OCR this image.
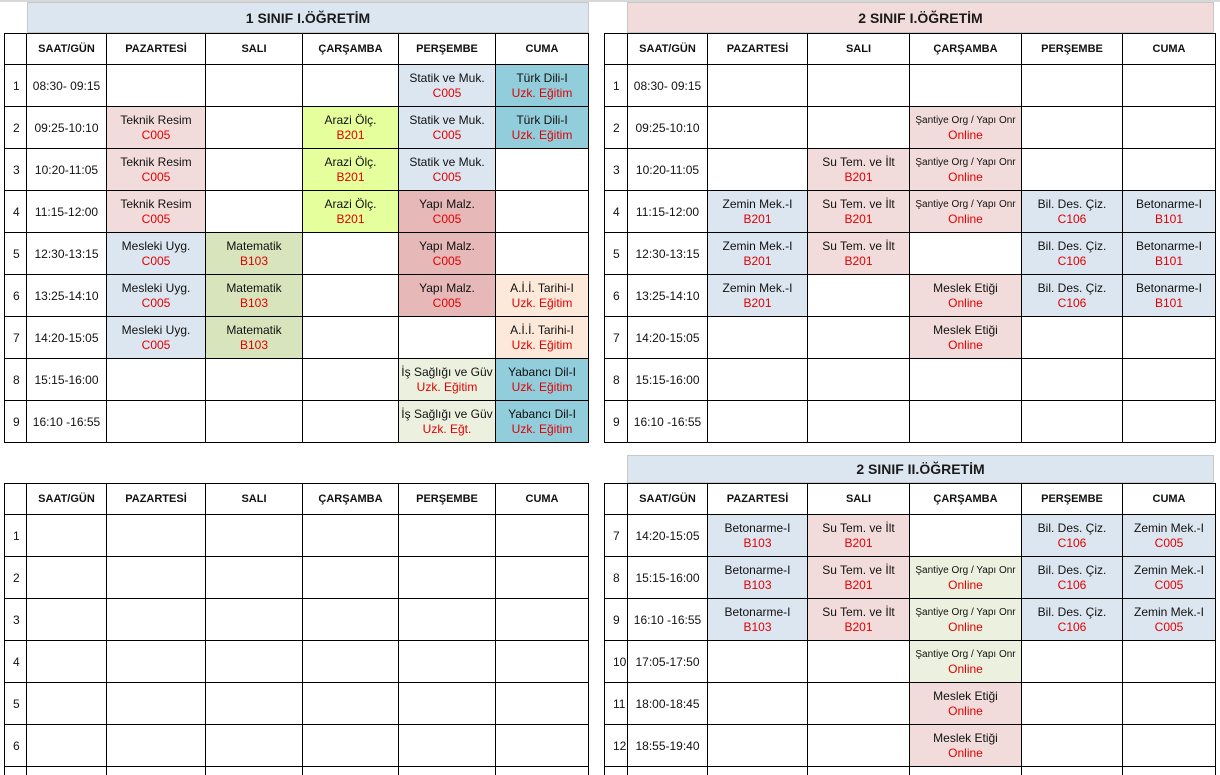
1 SINIF I.ÖĞRETİM	2 SINIF I.ÖĞRETİM
2 SINIF II.ÖĞRETİM
	SAAT/GÜN	PAZARTESİ	SALI	ÇARŞAMBA	PERŞEMBE	CUMA
1	08:30- 09:15				Statik ve Muk.
C005	Türk Dili-I
Uzk. Eğitim

2	09:25-10:10	Teknik Resim
C005		Arazi Ölç.
B201	Statik ve Muk.
C005	Türk Dili-I
Uzk. Eğitim

3	10:20-11:05	Teknik Resim
C005		Arazi Ölç.
B201	Statik ve Muk.
C005	

4	11:15-12:00	Teknik Resim
C005		Arazi Ölç.
B201	Yapı Malz.
C005	

5	12:30-13:15	Mesleki Uyg.
C005	Matematik
B103		Yapı Malz.
C005	

6	13:25-14:10	Mesleki Uyg.
C005	Matematik
B103		Yapı Malz.
C005	A.İ.İ. Tarihi-I
Uzk. Eğitim

7	14:20-15:05	Mesleki Uyg.
C005	Matematik
B103			A.İ.İ. Tarihi-I
Uzk. Eğitim

8	15:15-16:00				İş Sağlığı ve Güv
Uzk. Eğitim	Yabancı Dil-I
Uzk. Eğitim

9	16:10 -16:55				İş Sağlığı ve Güv
Uzk. Eğt.	Yabancı Dil-I
Uzk. Eğitim
	SAAT/GÜN	PAZARTESİ	SALI	ÇARŞAMBA	PERŞEMBE	CUMA
1	08:30- 09:15					
2	09:25-10:10			Şantiye Org / Yapı Onr
Online		

3	10:20-11:05		Su Tem. ve İlt
B201	Şantiye Org / Yapı Onr
Online		

4	11:15-12:00	Zemin Mek.-I
B201	Su Tem. ve İlt
B201	Şantiye Org / Yapı Onr
Online	Bil. Des. Çiz.
C106	Betonarme-I
B101

5	12:30-13:15	Zemin Mek.-I
B201	Su Tem. ve İlt
B201		Bil. Des. Çiz.
C106	Betonarme-I
B101

6	13:25-14:10	Zemin Mek.-I
B201		Meslek Etiği
Online	Bil. Des. Çiz.
C106	Betonarme-I
B101

7	14:20-15:05			Meslek Etiği
Online		

8	15:15-16:00					
9	16:10 -16:55					
	SAAT/GÜN	PAZARTESİ	SALI	ÇARŞAMBA	PERŞEMBE	CUMA
1						
2						
3						
4						
5						
6						

	SAAT/GÜN	PAZARTESİ	SALI	ÇARŞAMBA	PERŞEMBE	CUMA
7	14:20-15:05	Betonarme-I
B103	Su Tem. ve İlt
B201		Bil. Des. Çiz.
C106	Zemin Mek.-I
C005

8	15:15-16:00	Betonarme-I
B103	Su Tem. ve İlt
B201	Şantiye Org / Yapı Onr
Online	Bil. Des. Çiz.
C106	Zemin Mek.-I
C005

9	16:10 -16:55	Betonarme-I
B103	Su Tem. ve İlt
B201	Şantiye Org / Yapı Onr
Online	Bil. Des. Çiz.
C106	Zemin Mek.-I
C005

10	17:05-17:50			Şantiye Org / Yapı Onr
Online		

11	18:00-18:45			Meslek Etiği
Online		

12	18:55-19:40			Meslek Etiği
Online		
